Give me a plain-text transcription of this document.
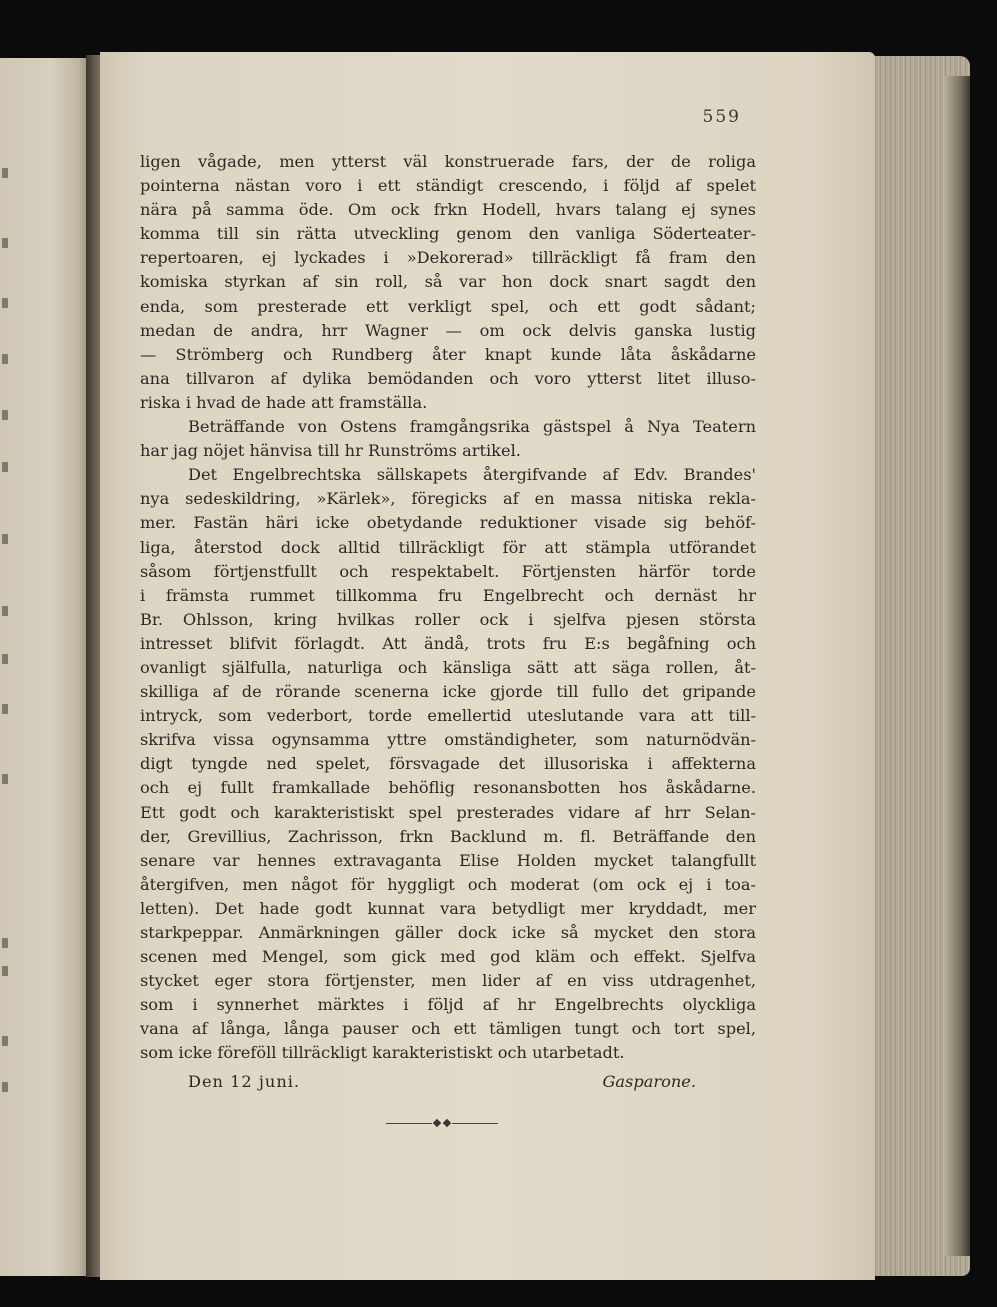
559
ligen vågade, men ytterst väl konstruerade fars, der de roliga
pointerna nästan voro i ett ständigt crescendo, i följd af spelet
nära på samma öde. Om ock frkn Hodell, hvars talang ej synes
komma till sin rätta utveckling genom den vanliga Söderteater-
repertoaren, ej lyckades i »Dekorerad» tillräckligt få fram den
komiska styrkan af sin roll, så var hon dock snart sagdt den
enda, som presterade ett verkligt spel, och ett godt sådant;
medan de andra, hrr Wagner — om ock delvis ganska lustig
— Strömberg och Rundberg åter knapt kunde låta åskådarne
ana tillvaron af dylika bemödanden och voro ytterst litet illuso-
riska i hvad de hade att framställa.
Beträffande von Ostens framgångsrika gästspel å Nya Teatern
har jag nöjet hänvisa till hr Runströms artikel.
Det Engelbrechtska sällskapets återgifvande af Edv. Brandes'
nya sedeskildring, »Kärlek», föregicks af en massa nitiska rekla-
mer. Fastän häri icke obetydande reduktioner visade sig behöf-
liga, återstod dock alltid tillräckligt för att stämpla utförandet
såsom förtjenstfullt och respektabelt. Förtjensten härför torde
i främsta rummet tillkomma fru Engelbrecht och dernäst hr
Br. Ohlsson, kring hvilkas roller ock i sjelfva pjesen största
intresset blifvit förlagdt. Att ändå, trots fru E:s begåfning och
ovanligt själfulla, naturliga och känsliga sätt att säga rollen, åt-
skilliga af de rörande scenerna icke gjorde till fullo det gripande
intryck, som vederbort, torde emellertid uteslutande vara att till-
skrifva vissa ogynsamma yttre omständigheter, som naturnödvän-
digt tyngde ned spelet, försvagade det illusoriska i affekterna
och ej fullt framkallade behöflig resonansbotten hos åskådarne.
Ett godt och karakteristiskt spel presterades vidare af hrr Selan-
der, Grevillius, Zachrisson, frkn Backlund m. fl. Beträffande den
senare var hennes extravaganta Elise Holden mycket talangfullt
återgifven, men något för hyggligt och moderat (om ock ej i toa-
letten). Det hade godt kunnat vara betydligt mer kryddadt, mer
starkpeppar. Anmärkningen gäller dock icke så mycket den stora
scenen med Mengel, som gick med god kläm och effekt. Sjelfva
stycket eger stora förtjenster, men lider af en viss utdragenhet,
som i synnerhet märktes i följd af hr Engelbrechts olyckliga
vana af långa, långa pauser och ett tämligen tungt och tort spel,
som icke föreföll tillräckligt karakteristiskt och utarbetadt.
Den 12 juni.	Gasparone.
